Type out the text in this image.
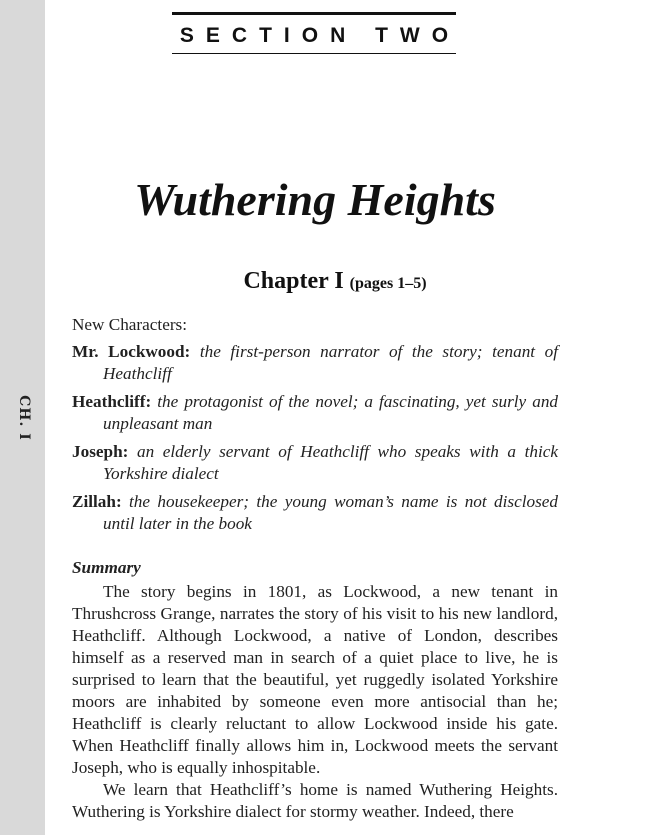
CH. I
SECTION TWO
Wuthering Heights
Chapter I (pages 1–5)

New Characters:

Mr. Lockwood: the first-person narrator of the story; tenant of Heathcliff

Heathcliff: the protagonist of the novel; a fascinating, yet surly and unpleasant man

Joseph: an elderly servant of Heathcliff who speaks with a thick Yorkshire dialect

Zillah: the housekeeper; the young woman’s name is not disclosed until later in the book

Summary

The story begins in 1801, as Lockwood, a new tenant in Thrushcross Grange, narrates the story of his visit to his new landlord, Heathcliff. Although Lockwood, a native of London, describes himself as a reserved man in search of a quiet place to live, he is surprised to learn that the beautiful, yet ruggedly isolated Yorkshire moors are inhabited by someone even more antisocial than he; Heathcliff is clearly reluctant to allow Lockwood inside his gate. When Heathcliff finally allows him in, Lockwood meets the servant Joseph, who is equally inhospitable.

We learn that Heathcliff’s home is named Wuthering Heights. Wuthering is Yorkshire dialect for stormy weather. Indeed, there
